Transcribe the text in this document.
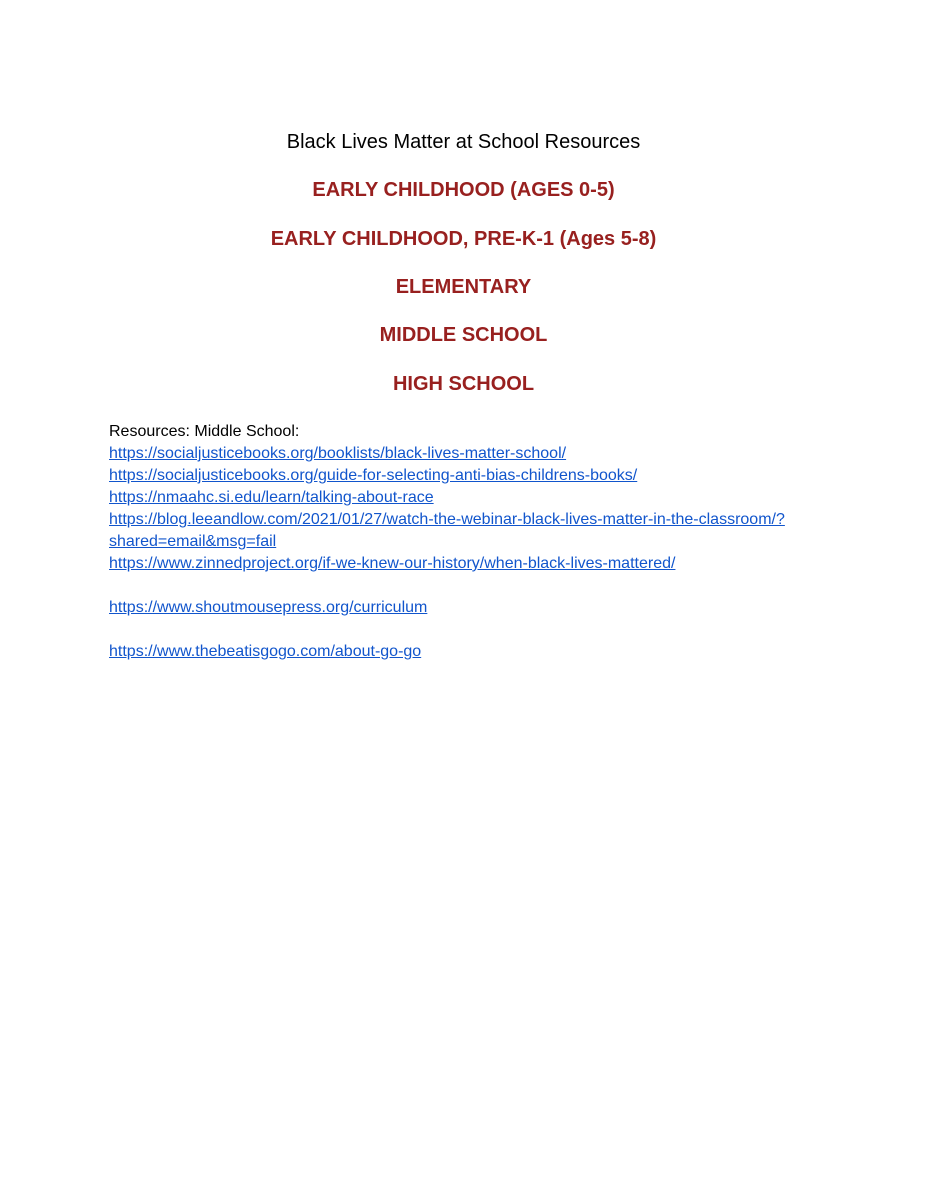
Black Lives Matter at School Resources
EARLY CHILDHOOD (AGES 0-5)
EARLY CHILDHOOD, PRE-K-1 (Ages 5-8)
ELEMENTARY
MIDDLE SCHOOL
HIGH SCHOOL
Resources: Middle School:
https://socialjusticebooks.org/booklists/black-lives-matter-school/
https://socialjusticebooks.org/guide-for-selecting-anti-bias-childrens-books/
https://nmaahc.si.edu/learn/talking-about-race
https://blog.leeandlow.com/2021/01/27/watch-the-webinar-black-lives-matter-in-the-classroom/?
shared=email&msg=fail
https://www.zinnedproject.org/if-we-knew-our-history/when-black-lives-mattered/
https://www.shoutmousepress.org/curriculum
https://www.thebeatisgogo.com/about-go-go
